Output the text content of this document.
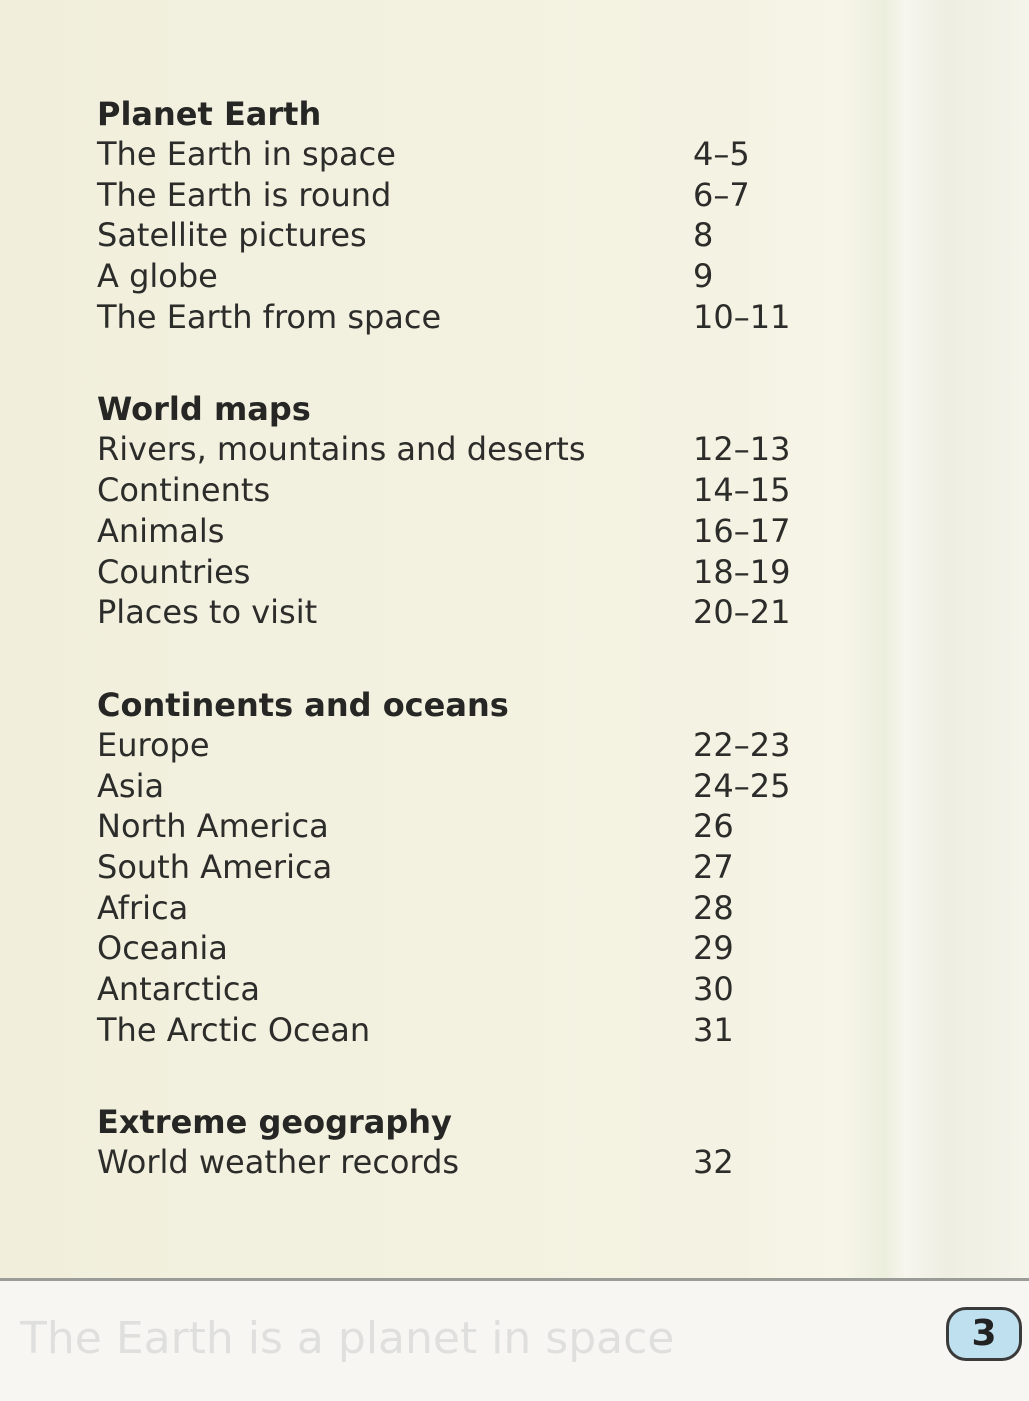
Planet Earth
The Earth in space	4–5
The Earth is round	6–7
Satellite pictures	8
A globe	9
The Earth from space	10–11
World maps
Rivers, mountains and deserts	12–13
Continents	14–15
Animals	16–17
Countries	18–19
Places to visit	20–21
Continents and oceans
Europe	22–23
Asia	24–25
North America	26
South America	27
Africa	28
Oceania	29
Antarctica	30
The Arctic Ocean	31
Extreme geography
World weather records	32
The Earth is a planet in space	3
